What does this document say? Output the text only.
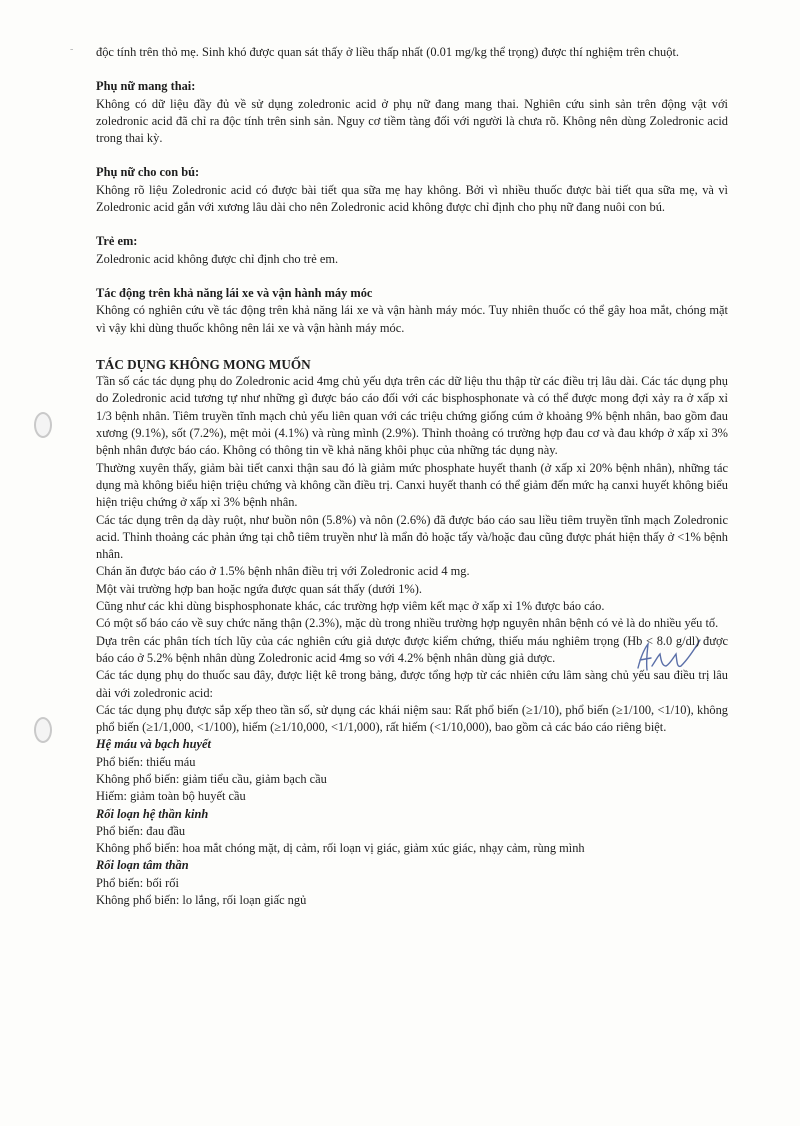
- độc tính trên thỏ mẹ. Sinh khó được quan sát thấy ở liều thấp nhất (0.01 mg/kg thể trọng) được thí nghiệm trên chuột.

Phụ nữ mang thai:

Không có dữ liệu đầy đủ về sử dụng zoledronic acid ở phụ nữ đang mang thai. Nghiên cứu sinh sản trên động vật với zoledronic acid đã chỉ ra độc tính trên sinh sản. Nguy cơ tiềm tàng đối với người là chưa rõ. Không nên dùng Zoledronic acid trong thai kỳ.

Phụ nữ cho con bú:

Không rõ liệu Zoledronic acid có được bài tiết qua sữa mẹ hay không. Bởi vì nhiều thuốc được bài tiết qua sữa mẹ, và vì Zoledronic acid gắn với xương lâu dài cho nên Zoledronic acid không được chỉ định cho phụ nữ đang nuôi con bú.

Trẻ em:

Zoledronic acid không được chỉ định cho trẻ em.

Tác động trên khả năng lái xe và vận hành máy móc

Không có nghiên cứu về tác động trên khả năng lái xe và vận hành máy móc. Tuy nhiên thuốc có thể gây hoa mắt, chóng mặt vì vậy khi dùng thuốc không nên lái xe và vận hành máy móc.

TÁC DỤNG KHÔNG MONG MUỐN

Tần số các tác dụng phụ do Zoledronic acid 4mg chủ yếu dựa trên các dữ liệu thu thập từ các điều trị lâu dài. Các tác dụng phụ do Zoledronic acid tương tự như những gì được báo cáo đối với các bisphosphonate và có thể được mong đợi xảy ra ở xấp xỉ 1/3 bệnh nhân. Tiêm truyền tĩnh mạch chủ yếu liên quan với các triệu chứng giống cúm ở khoảng 9% bệnh nhân, bao gồm đau xương (9.1%), sốt (7.2%), mệt mỏi (4.1%) và rùng mình (2.9%). Thỉnh thoảng có trường hợp đau cơ và đau khớp ở xấp xỉ 3% bệnh nhân được báo cáo. Không có thông tin về khả năng khôi phục của những tác dụng này.

Thường xuyên thấy, giảm bài tiết canxi thận sau đó là giảm mức phosphate huyết thanh (ở xấp xỉ 20% bệnh nhân), những tác dụng mà không biểu hiện triệu chứng và không cần điều trị. Canxi huyết thanh có thể giảm đến mức hạ canxi huyết không biểu hiện triệu chứng ở xấp xỉ 3% bệnh nhân.

Các tác dụng trên dạ dày ruột, như buồn nôn (5.8%) và nôn (2.6%) đã được báo cáo sau liều tiêm truyền tĩnh mạch Zoledronic acid. Thỉnh thoảng các phản ứng tại chỗ tiêm truyền như là mẩn đỏ hoặc tấy và/hoặc đau cũng được phát hiện thấy ở <1% bệnh nhân.

Chán ăn được báo cáo ở 1.5% bệnh nhân điều trị với Zoledronic acid 4 mg.

Một vài trường hợp ban hoặc ngứa được quan sát thấy (dưới 1%).

Cũng như các khi dùng bisphosphonate khác, các trường hợp viêm kết mạc ở xấp xỉ 1% được báo cáo.

Có một số báo cáo về suy chức năng thận (2.3%), mặc dù trong nhiều trường hợp nguyên nhân bệnh có vẻ là do nhiều yếu tố.

Dựa trên các phân tích tích lũy của các nghiên cứu giả dược được kiểm chứng, thiếu máu nghiêm trọng (Hb < 8.0 g/dl) được báo cáo ở 5.2% bệnh nhân dùng Zoledronic acid 4mg so với 4.2% bệnh nhân dùng giả dược.

Các tác dụng phụ do thuốc sau đây, được liệt kê trong bảng, được tổng hợp từ các nhiên cứu lâm sàng chủ yếu sau điều trị lâu dài với zoledronic acid:

Các tác dụng phụ được sắp xếp theo tần số, sử dụng các khái niệm sau: Rất phổ biến (≥1/10), phổ biến (≥1/100, <1/10), không phổ biến (≥1/1,000, <1/100), hiếm (≥1/10,000, <1/1,000), rất hiếm (<1/10,000), bao gồm cả các báo cáo riêng biệt.

Hệ máu và bạch huyết

Phổ biến: thiếu máu

Không phổ biến: giảm tiểu cầu, giảm bạch cầu

Hiếm: giảm toàn bộ huyết cầu

Rối loạn hệ thần kinh

Phổ biến: đau đầu

Không phổ biến: hoa mắt chóng mặt, dị cảm, rối loạn vị giác, giảm xúc giác, nhạy cảm, rùng mình

Rối loạn tâm thần

Phổ biến: bối rối

Không phổ biến: lo lắng, rối loạn giấc ngủ
